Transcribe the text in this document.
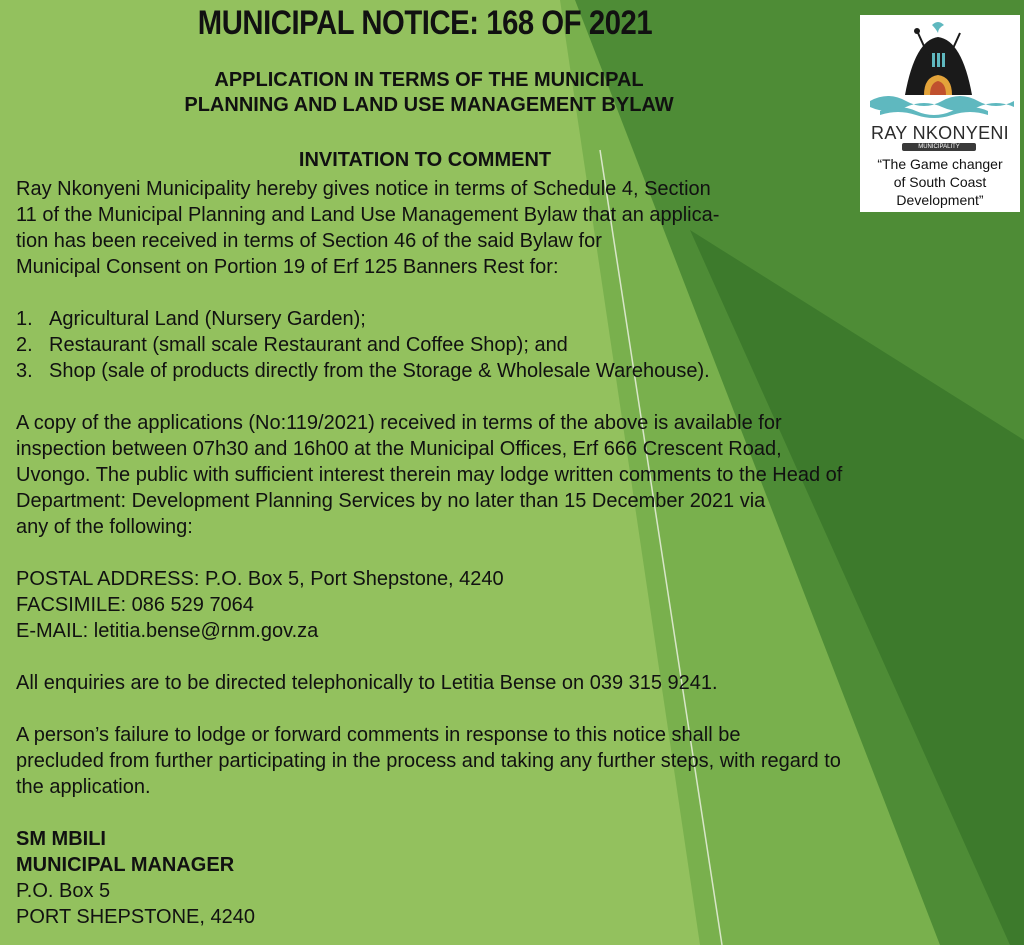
MUNICIPAL NOTICE: 168 OF 2021
APPLICATION IN TERMS OF THE MUNICIPAL
PLANNING AND LAND USE MANAGEMENT BYLAW
INVITATION TO COMMENT

Ray Nkonyeni Municipality hereby gives notice in terms of Schedule 4, Section
11 of the Municipal Planning and Land Use Management Bylaw that an applica-
tion has been received in terms of Section 46 of the said Bylaw for
Municipal Consent on Portion 19 of Erf 125 Banners Rest for:

1. Agricultural Land (Nursery Garden);
2. Restaurant (small scale Restaurant and Coffee Shop); and
3. Shop (sale of products directly from the Storage & Wholesale Warehouse).

A copy of the applications (No:119/2021) received in terms of the above is available for
inspection between 07h30 and 16h00 at the Municipal Offices, Erf 666 Crescent Road,
Uvongo. The public with sufficient interest therein may lodge written comments to the Head of
Department: Development Planning Services by no later than 15 December 2021 via
any of the following:

POSTAL ADDRESS: P.O. Box 5, Port Shepstone, 4240
FACSIMILE: 086 529 7064
E-MAIL: letitia.bense@rnm.gov.za

All enquiries are to be directed telephonically to Letitia Bense on 039 315 9241.

A person’s failure to lodge or forward comments in response to this notice shall be
precluded from further participating in the process and taking any further steps, with regard to
the application.

SM MBILI
MUNICIPAL MANAGER
P.O. Box 5
PORT SHEPSTONE, 4240

RAY NKONYENI
MUNICIPALITY
“The Game changer
of South Coast
Development”
